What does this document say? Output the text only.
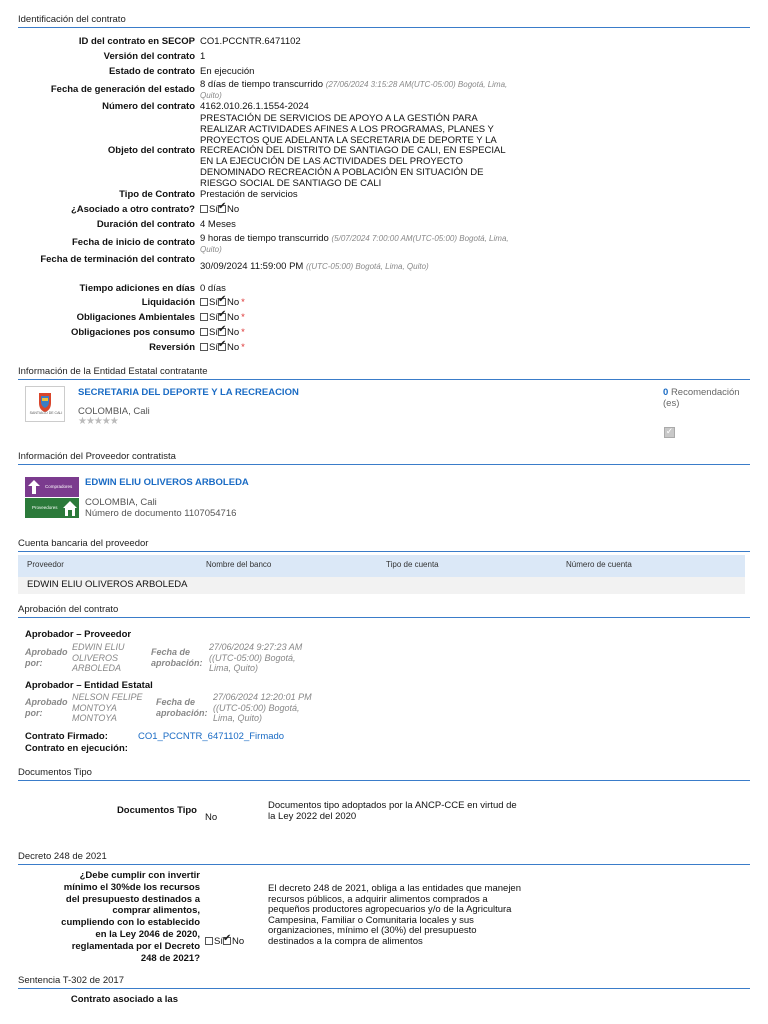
Identificación del contrato
ID del contrato en SECOP CO1.PCCNTR.6471102
Versión del contrato 1
Estado de contrato En ejecución
Fecha de generación del estado 8 días de tiempo transcurrido (27/06/2024 3:15:28 AM(UTC-05:00) Bogotá, Lima, Quito)
Número del contrato 4162.010.26.1.1554-2024
Objeto del contrato
PRESTACIÓN DE SERVICIOS DE APOYO A LA GESTIÓN PARA REALIZAR ACTIVIDADES AFINES A LOS PROGRAMAS, PLANES Y PROYECTOS QUE ADELANTA LA SECRETARIA DE DEPORTE Y LA RECREACIÓN DEL DISTRITO DE SANTIAGO DE CALI, EN ESPECIAL EN LA EJECUCIÓN DE LAS ACTIVIDADES DEL PROYECTO DENOMINADO RECREACIÓN A POBLACIÓN EN SITUACIÓN DE RIESGO SOCIAL DE SANTIAGO DE CALI
Tipo de Contrato Prestación de servicios
¿Asociado a otro contrato?	Sí ✔ No
Duración del contrato 4 Meses
Fecha de inicio de contrato 9 horas de tiempo transcurrido (5/07/2024 7:00:00 AM(UTC-05:00) Bogotá, Lima, Quito)
Fecha de terminación del contrato
30/09/2024 11:59:00 PM ((UTC-05:00) Bogotá, Lima, Quito)
Tiempo adiciones en días 0 días
Liquidación	Sí ✔ No *
Obligaciones Ambientales	Sí ✔ No *
Obligaciones pos consumo	Sí ✔ No *
Reversión	Sí ✔ No *
Información de la Entidad Estatal contratante
SANTIAGO DE CALI
SECRETARIA DEL DEPORTE Y LA RECREACION
COLOMBIA, Cali
★★★★★
0 Recomendación (es)
✓
Información del Proveedor contratista
Compradores
Proveedores
EDWIN ELIU OLIVEROS ARBOLEDA
COLOMBIA, Cali
Número de documento 1107054716
Cuenta bancaria del proveedor
Proveedor	Nombre del banco	Tipo de cuenta	Número de cuenta
EDWIN ELIU OLIVEROS ARBOLEDA
Aprobación del contrato
Aprobador – Proveedor
Aprobado por:
EDWIN ELIU OLIVEROS ARBOLEDA
Fecha de aprobación:
27/06/2024 9:27:23 AM ((UTC-05:00) Bogotá, Lima, Quito)
Aprobador – Entidad Estatal
Aprobado por:
NELSON FELIPE MONTOYA MONTOYA
Fecha de aprobación:
27/06/2024 12:20:01 PM ((UTC-05:00) Bogotá, Lima, Quito)
Contrato Firmado:	CO1_PCCNTR_6471102_Firmado
Contrato en ejecución:
Documentos Tipo
Documentos Tipo
No
Documentos tipo adoptados por la ANCP-CCE en virtud de la Ley 2022 del 2020
Decreto 248 de 2021
¿Debe cumplir con invertir mínimo el 30%de los recursos del presupuesto destinados a comprar alimentos, cumpliendo con lo establecido en la Ley 2046 de 2020, reglamentada por el Decreto 248 de 2021?
Sí ✔ No
El decreto 248 de 2021, obliga a las entidades que manejen recursos públicos, a adquirir alimentos comprados a pequeños productores agropecuarios y/o de la Agricultura Campesina, Familiar o Comunitaria locales y sus organizaciones, mínimo el (30%) del presupuesto destinados a la compra de alimentos
Sentencia T-302 de 2017
Contrato asociado a las
